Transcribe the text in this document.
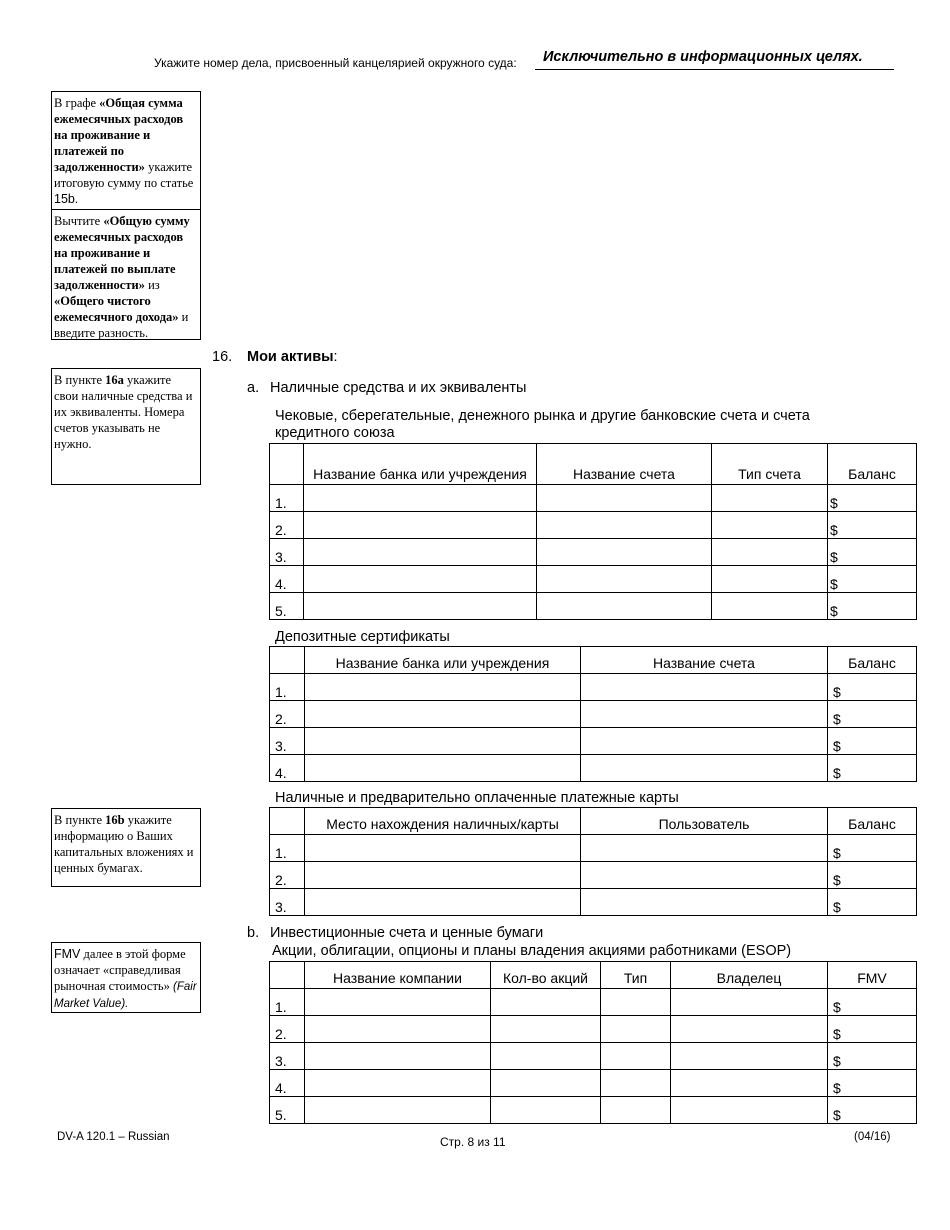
Укажите номер дела, присвоенный канцелярией окружного суда: Исключительно в информационных целях.

В графе «Общая сумма ежемесячных расходов на проживание и платежей по задолженности» укажите итоговую сумму по статье 15b.

Вычтите «Общую сумму ежемесячных расходов на проживание и платежей по выплате задолженности» из «Общего чистого ежемесячного дохода» и введите разность.

В пункте 16a укажите свои наличные средства и их эквиваленты. Номера счетов указывать не нужно.

В пункте 16b укажите информацию о Ваших капитальных вложениях и ценных бумагах.

FMV далее в этой форме означает «справедливая рыночная стоимость» (Fair Market Value).

16. Мои активы:
a. Наличные средства и их эквиваленты
Чековые, сберегательные, денежного рынка и другие банковские счета и счета кредитного союза
	Название банка или учреждения	Название счета	Тип счета	Баланс
1.				$
2.				$
3.				$
4.				$
5.				$
Депозитные сертификаты
	Название банка или учреждения	Название счета	Баланс
1.			$
2.			$
3.			$
4.			$
Наличные и предварительно оплаченные платежные карты
	Место нахождения наличных/карты	Пользователь	Баланс
1.			$
2.			$
3.			$
b. Инвестиционные счета и ценные бумаги
Акции, облигации, опционы и планы владения акциями работниками (ESOP)
	Название компании	Кол-во акций	Тип	Владелец	FMV
1.					$
2.					$
3.					$
4.					$
5.					$
DV-A 120.1 – Russian	Стр. 8 из 11	(04/16)
